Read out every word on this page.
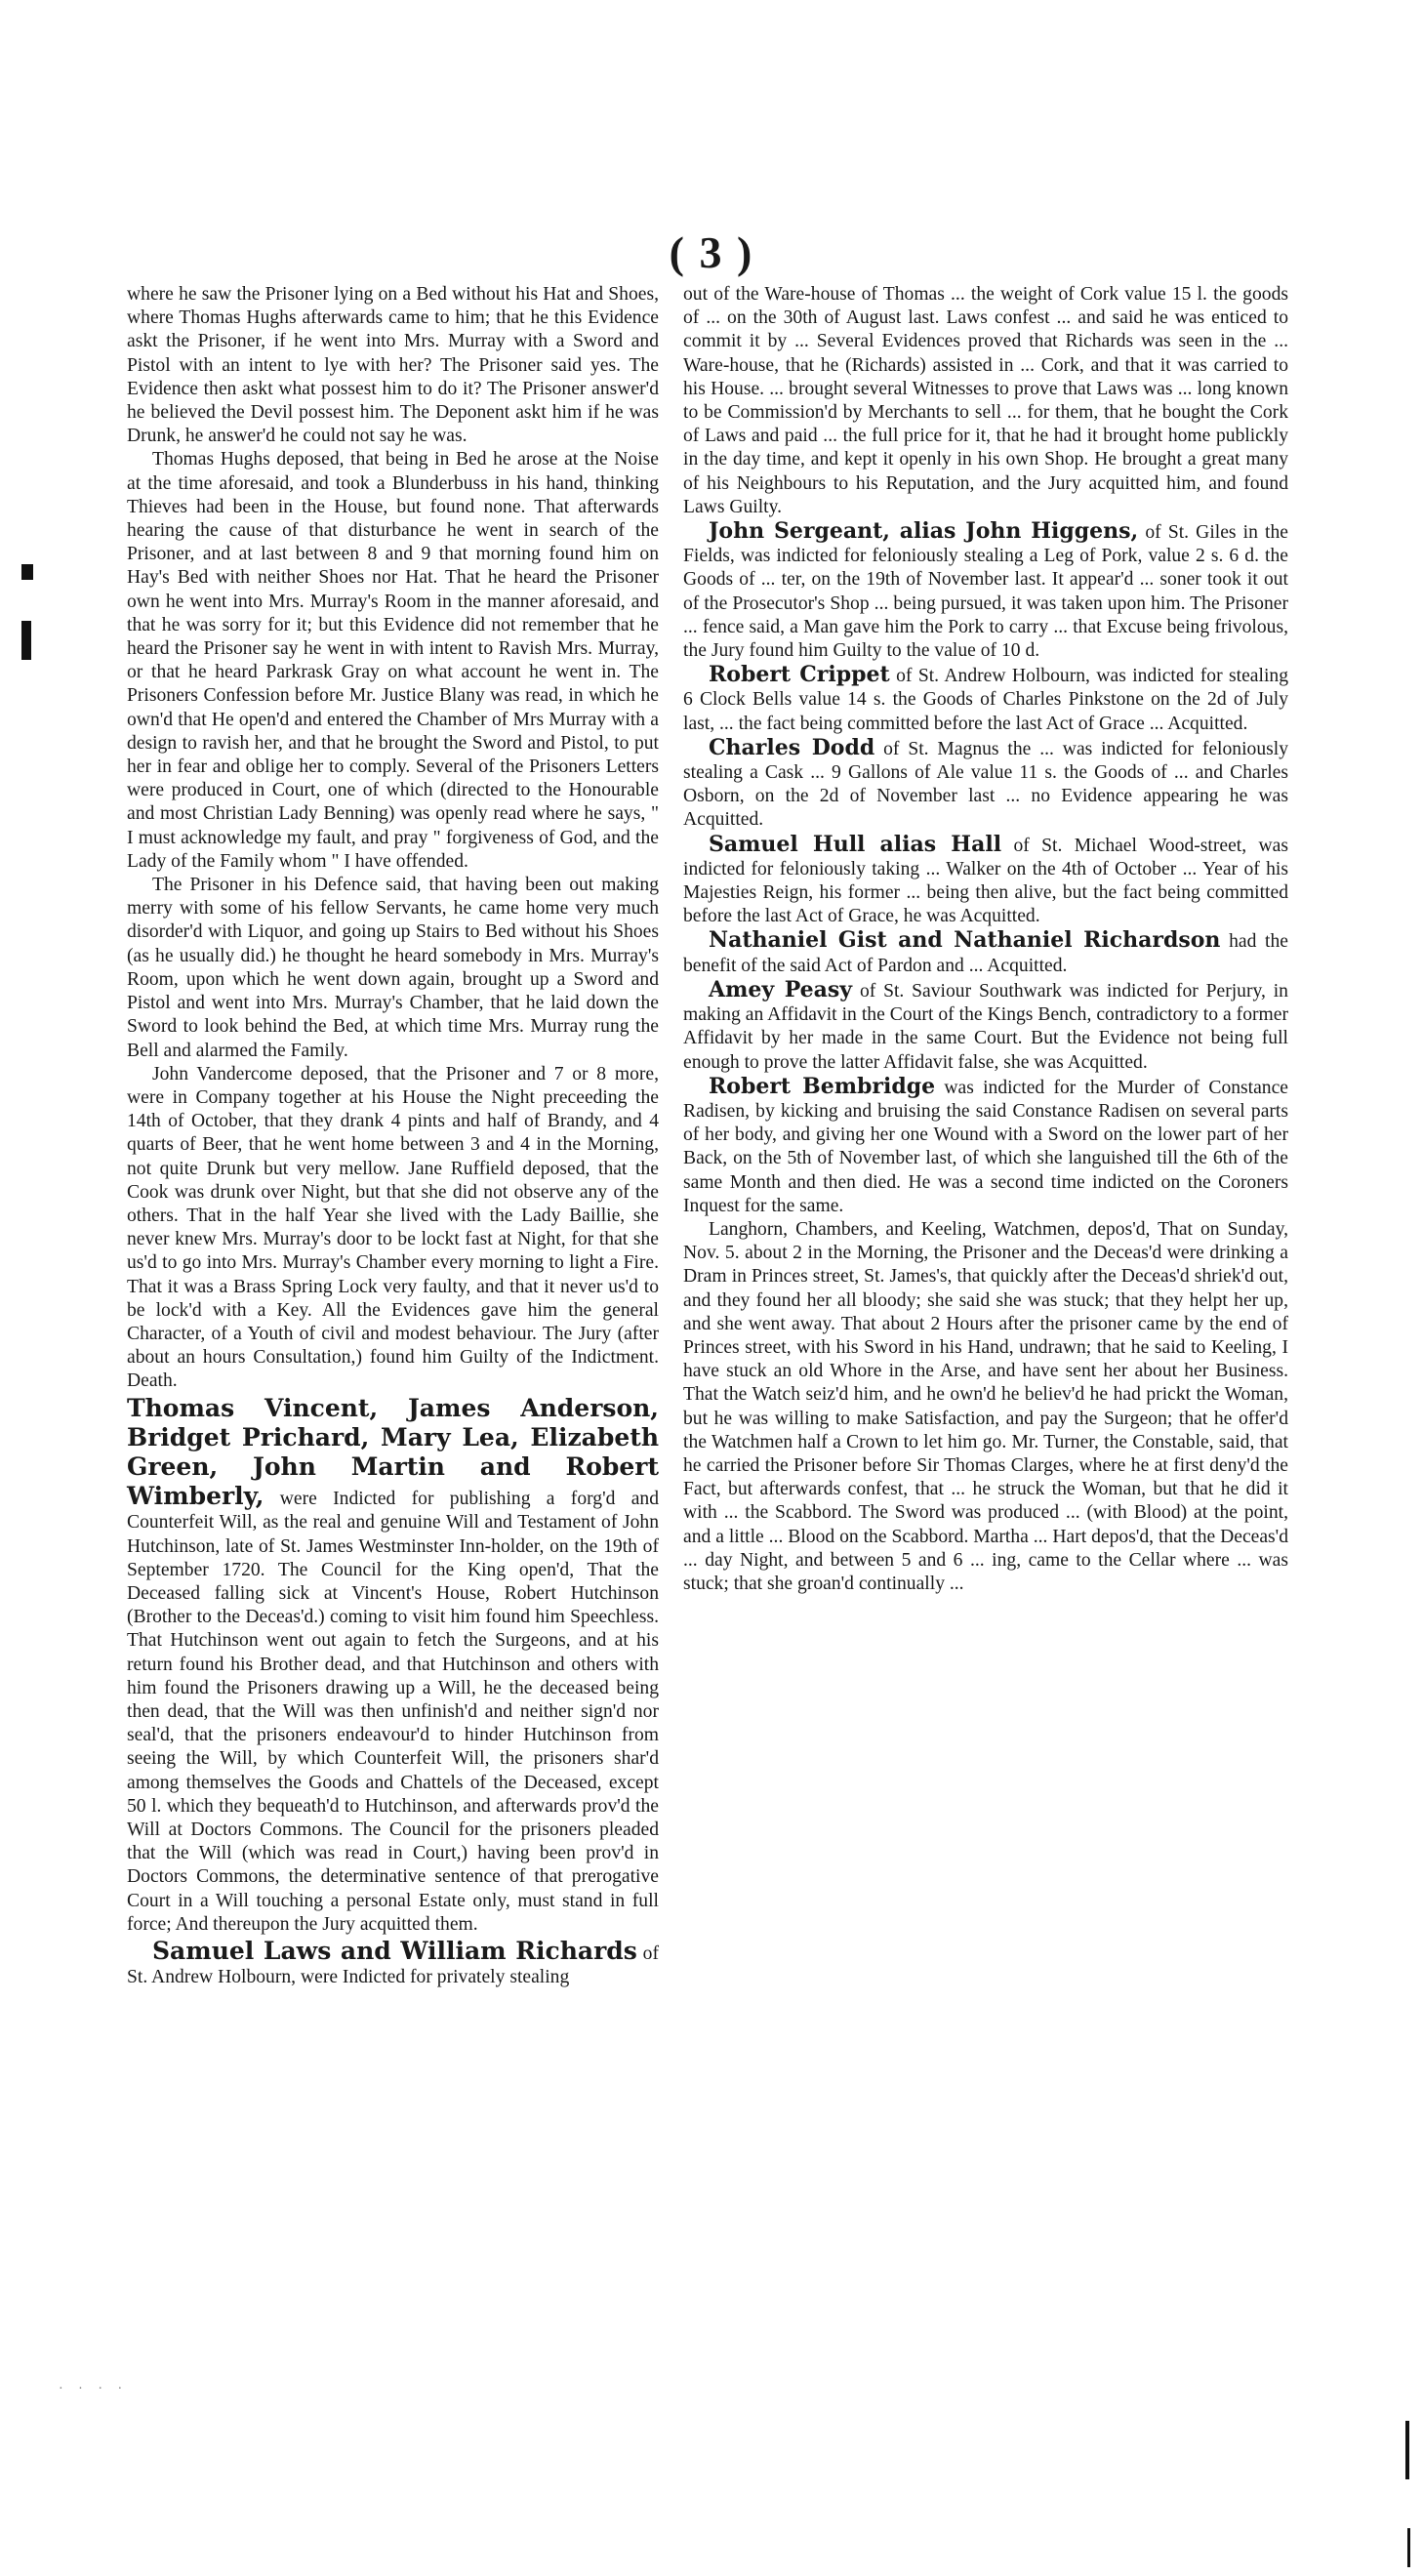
( 3 )
· · · ·

where he saw the Prisoner lying on a Bed without his Hat and Shoes, where Thomas Hughs afterwards came to him; that he this Evidence askt the Prisoner, if he went into Mrs. Murray with a Sword and Pistol with an intent to lye with her? The Prisoner said yes. The Evidence then askt what possest him to do it? The Prisoner answer'd he believed the Devil possest him. The Deponent askt him if he was Drunk, he answer'd he could not say he was.

Thomas Hughs deposed, that being in Bed he arose at the Noise at the time aforesaid, and took a Blunderbuss in his hand, thinking Thieves had been in the House, but found none. That afterwards hearing the cause of that disturbance he went in search of the Prisoner, and at last between 8 and 9 that morning found him on Hay's Bed with neither Shoes nor Hat. That he heard the Prisoner own he went into Mrs. Murray's Room in the manner aforesaid, and that he was sorry for it; but this Evidence did not remember that he heard the Prisoner say he went in with intent to Ravish Mrs. Murray, or that he heard Parkrask Gray on what account he went in. The Prisoners Confession before Mr. Justice Blany was read, in which he own'd that He open'd and entered the Chamber of Mrs Murray with a design to ravish her, and that he brought the Sword and Pistol, to put her in fear and oblige her to comply. Several of the Prisoners Letters were produced in Court, one of which (directed to the Honourable and most Christian Lady Benning) was openly read where he says, " I must acknowledge my fault, and pray " forgiveness of God, and the Lady of the Family whom " I have offended.

The Prisoner in his Defence said, that having been out making merry with some of his fellow Servants, he came home very much disorder'd with Liquor, and going up Stairs to Bed without his Shoes (as he usually did.) he thought he heard somebody in Mrs. Murray's Room, upon which he went down again, brought up a Sword and Pistol and went into Mrs. Murray's Chamber, that he laid down the Sword to look behind the Bed, at which time Mrs. Murray rung the Bell and alarmed the Family.

John Vandercome deposed, that the Prisoner and 7 or 8 more, were in Company together at his House the Night preceeding the 14th of October, that they drank 4 pints and half of Brandy, and 4 quarts of Beer, that he went home between 3 and 4 in the Morning, not quite Drunk but very mellow. Jane Ruffield deposed, that the Cook was drunk over Night, but that she did not observe any of the others. That in the half Year she lived with the Lady Baillie, she never knew Mrs. Murray's door to be lockt fast at Night, for that she us'd to go into Mrs. Murray's Chamber every morning to light a Fire. That it was a Brass Spring Lock very faulty, and that it never us'd to be lock'd with a Key. All the Evidences gave him the general Character, of a Youth of civil and modest behaviour. The Jury (after about an hours Consultation,) found him Guilty of the Indictment. Death.

Thomas Vincent, James Anderson, Bridget Prichard, Mary Lea, Elizabeth Green, John Martin and Robert Wimberly, were Indicted for publishing a forg'd and Counterfeit Will, as the real and genuine Will and Testament of John Hutchinson, late of St. James Westminster Inn-holder, on the 19th of September 1720. The Council for the King open'd, That the Deceased falling sick at Vincent's House, Robert Hutchinson (Brother to the Deceas'd.) coming to visit him found him Speechless. That Hutchinson went out again to fetch the Surgeons, and at his return found his Brother dead, and that Hutchinson and others with him found the Prisoners drawing up a Will, he the deceased being then dead, that the Will was then unfinish'd and neither sign'd nor seal'd, that the prisoners endeavour'd to hinder Hutchinson from seeing the Will, by which Counterfeit Will, the prisoners shar'd among themselves the Goods and Chattels of the Deceased, except 50 l. which they bequeath'd to Hutchinson, and afterwards prov'd the Will at Doctors Commons. The Council for the prisoners pleaded that the Will (which was read in Court,) having been prov'd in Doctors Commons, the determinative sentence of that prerogative Court in a Will touching a personal Estate only, must stand in full force; And thereupon the Jury acquitted them.

Samuel Laws and William Richards of St. Andrew Holbourn, were Indicted for privately stealing

out of the Ware-house of Thomas ... the weight of Cork value 15 l. the goods of ... on the 30th of August last. Laws confest ... and said he was enticed to commit it by ... Several Evidences proved that Richards was seen in the ... Ware-house, that he (Richards) assisted in ... Cork, and that it was carried to his House. ... brought several Witnesses to prove that Laws was ... long known to be Commission'd by Merchants to sell ... for them, that he bought the Cork of Laws and paid ... the full price for it, that he had it brought home publickly in the day time, and kept it openly in his own Shop. He brought a great many of his Neighbours to his Reputation, and the Jury acquitted him, and found Laws Guilty.

John Sergeant, alias John Higgens, of St. Giles in the Fields, was indicted for feloniously stealing a Leg of Pork, value 2 s. 6 d. the Goods of ... ter, on the 19th of November last. It appear'd ... soner took it out of the Prosecutor's Shop ... being pursued, it was taken upon him. The Prisoner ... fence said, a Man gave him the Pork to carry ... that Excuse being frivolous, the Jury found him Guilty to the value of 10 d.

Robert Crippet of St. Andrew Holbourn, was indicted for stealing 6 Clock Bells value 14 s. the Goods of Charles Pinkstone on the 2d of July last, ... the fact being committed before the last Act of Grace ... Acquitted.

Charles Dodd of St. Magnus the ... was indicted for feloniously stealing a Cask ... 9 Gallons of Ale value 11 s. the Goods of ... and Charles Osborn, on the 2d of November last ... no Evidence appearing he was Acquitted.

Samuel Hull alias Hall of St. Michael Wood-street, was indicted for feloniously taking ... Walker on the 4th of October ... Year of his Majesties Reign, his former ... being then alive, but the fact being committed before the last Act of Grace, he was Acquitted.

Nathaniel Gist and Nathaniel Richardson had the benefit of the said Act of Pardon and ... Acquitted.

Amey Peasy of St. Saviour Southwark was indicted for Perjury, in making an Affidavit in the Court of the Kings Bench, contradictory to a former Affidavit by her made in the same Court. But the Evidence not being full enough to prove the latter Affidavit false, she was Acquitted.

Robert Bembridge was indicted for the Murder of Constance Radisen, by kicking and bruising the said Constance Radisen on several parts of her body, and giving her one Wound with a Sword on the lower part of her Back, on the 5th of November last, of which she languished till the 6th of the same Month and then died. He was a second time indicted on the Coroners Inquest for the same.

Langhorn, Chambers, and Keeling, Watchmen, depos'd, That on Sunday, Nov. 5. about 2 in the Morning, the Prisoner and the Deceas'd were drinking a Dram in Princes street, St. James's, that quickly after the Deceas'd shriek'd out, and they found her all bloody; she said she was stuck; that they helpt her up, and she went away. That about 2 Hours after the prisoner came by the end of Princes street, with his Sword in his Hand, undrawn; that he said to Keeling, I have stuck an old Whore in the Arse, and have sent her about her Business. That the Watch seiz'd him, and he own'd he believ'd he had prickt the Woman, but he was willing to make Satisfaction, and pay the Surgeon; that he offer'd the Watchmen half a Crown to let him go. Mr. Turner, the Constable, said, that he carried the Prisoner before Sir Thomas Clarges, where he at first deny'd the Fact, but afterwards confest, that ... he struck the Woman, but that he did it with ... the Scabbord. The Sword was produced ... (with Blood) at the point, and a little ... Blood on the Scabbord. Martha ... Hart depos'd, that the Deceas'd ... day Night, and between 5 and 6 ... ing, came to the Cellar where ... was stuck; that she groan'd continually ...
